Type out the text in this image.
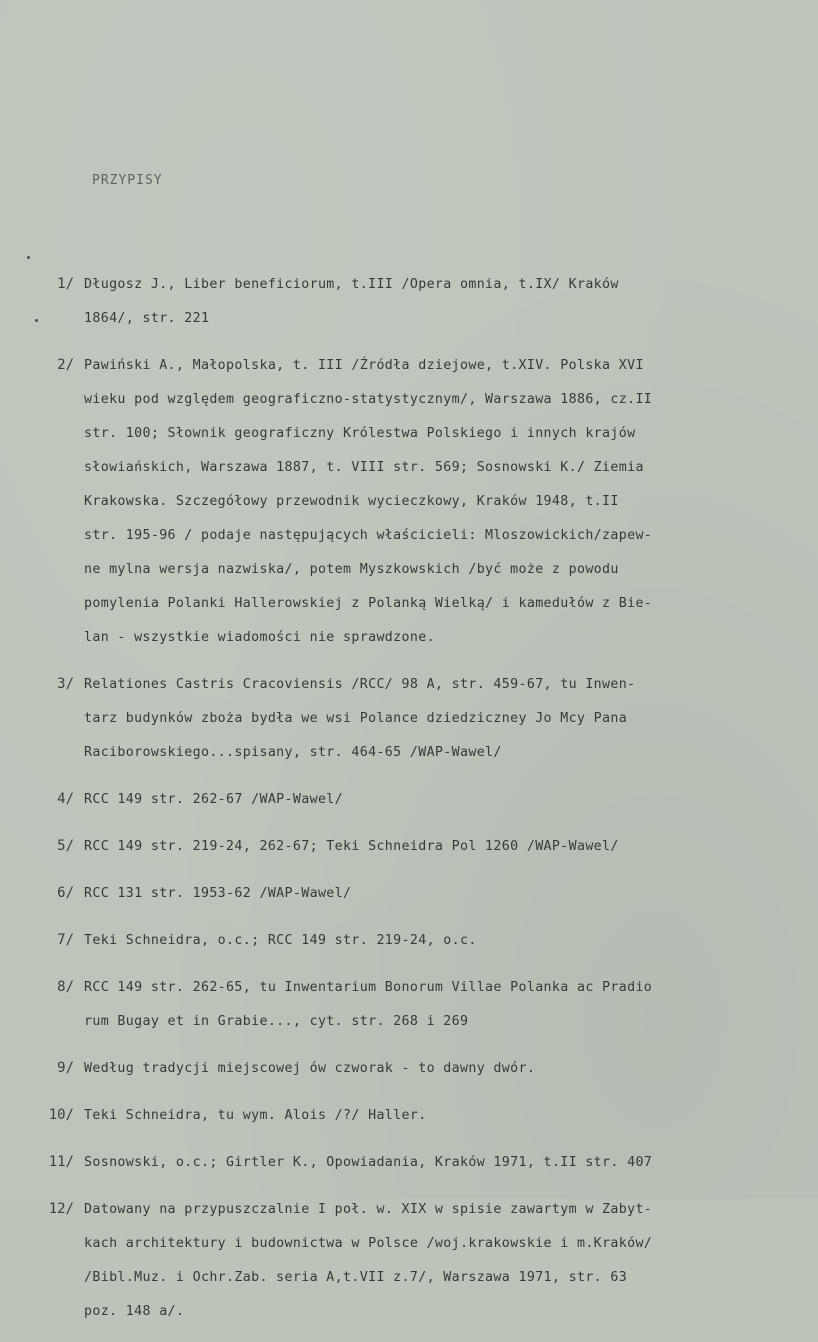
PRZYPISY
1/ Długosz J., Liber beneficiorum, t.III /Opera omnia, t.IX/ Kraków
1864/, str. 221
2/ Pawiński A., Małopolska, t. III /Źródła dziejowe, t.XIV. Polska XVI
wieku pod względem geograficzno-statystycznym/, Warszawa 1886, cz.II
str. 100; Słownik geograficzny Królestwa Polskiego i innych krajów
słowiańskich, Warszawa 1887, t. VIII str. 569; Sosnowski K./ Ziemia
Krakowska. Szczegółowy przewodnik wycieczkowy, Kraków 1948, t.II
str. 195-96 / podaje następujących właścicieli: Mloszowickich/zapew-
ne mylna wersja nazwiska/, potem Myszkowskich /być może z powodu
pomylenia Polanki Hallerowskiej z Polanką Wielką/ i kamedułów z Bie-
lan - wszystkie wiadomości nie sprawdzone.
3/ Relationes Castris Cracoviensis /RCC/ 98 A, str. 459-67, tu Inwen-
tarz budynków zboża bydła we wsi Polance dziedziczney Jo Mcy Pana
Raciborowskiego...spisany, str. 464-65 /WAP-Wawel/
4/ RCC 149 str. 262-67 /WAP-Wawel/
5/ RCC 149 str. 219-24, 262-67; Teki Schneidra Pol 1260 /WAP-Wawel/
6/ RCC 131 str. 1953-62 /WAP-Wawel/
7/ Teki Schneidra, o.c.; RCC 149 str. 219-24, o.c.
8/ RCC 149 str. 262-65, tu Inwentarium Bonorum Villae Polanka ac Pradio
rum Bugay et in Grabie..., cyt. str. 268 i 269
9/ Według tradycji miejscowej ów czworak - to dawny dwór.
10/ Teki Schneidra, tu wym. Alois /?/ Haller.
11/ Sosnowski, o.c.; Girtler K., Opowiadania, Kraków 1971, t.II str. 407
12/ Datowany na przypuszczalnie I poł. w. XIX w spisie zawartym w Zabyt-
kach architektury i budownictwa w Polsce /woj.krakowskie i m.Kraków/
/Bibl.Muz. i Ochr.Zab. seria A,t.VII z.7/, Warszawa 1971, str. 63
poz. 148 a/.
